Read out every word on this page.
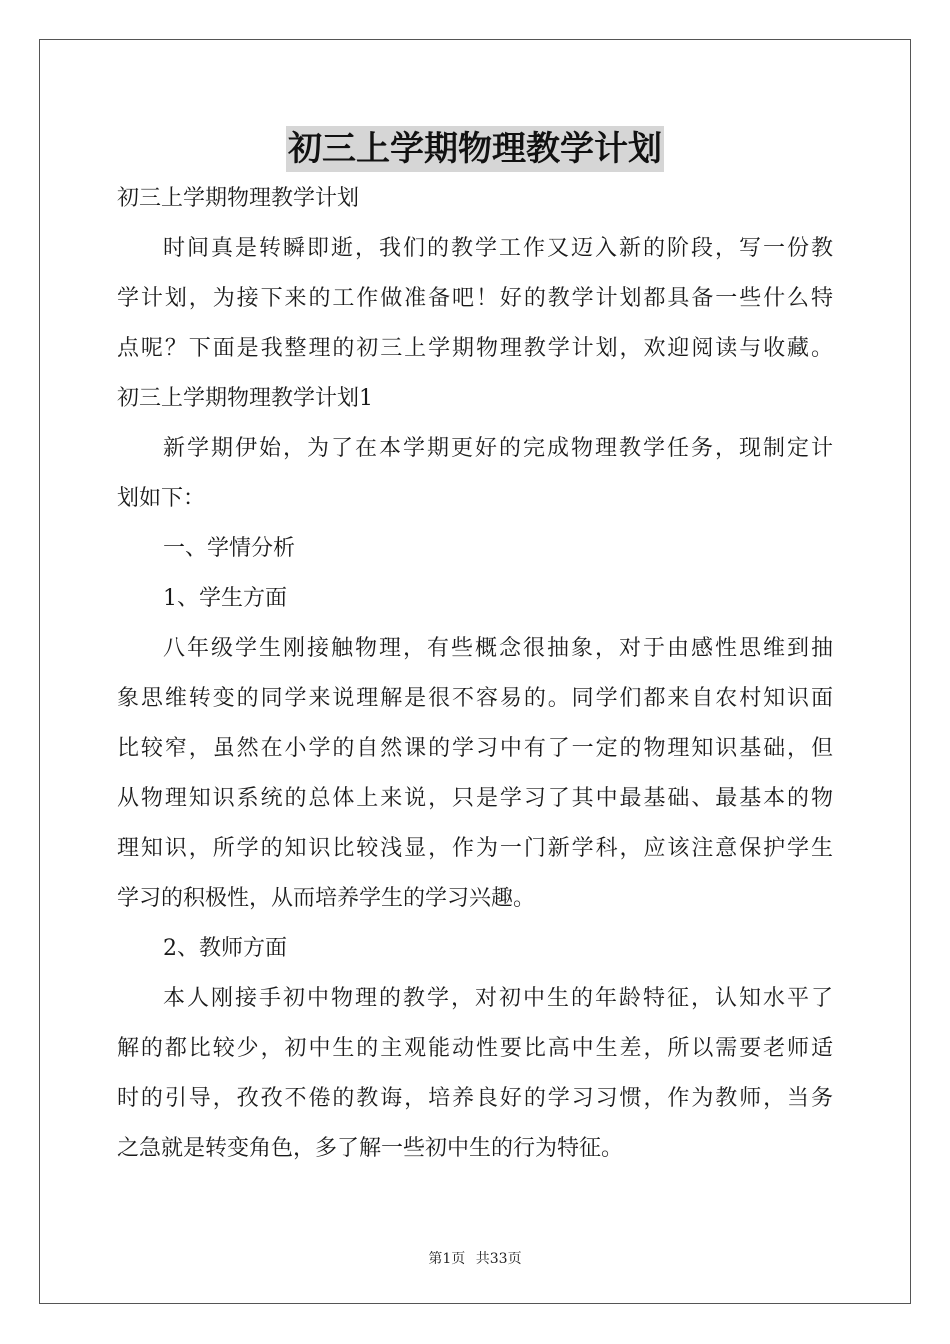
初三上学期物理教学计划
初三上学期物理教学计划
时间真是转瞬即逝，我们的教学工作又迈入新的阶段，写一份教
学计划，为接下来的工作做准备吧！好的教学计划都具备一些什么特
点呢？下面是我整理的初三上学期物理教学计划，欢迎阅读与收藏。
初三上学期物理教学计划1
新学期伊始，为了在本学期更好的完成物理教学任务，现制定计
划如下：
一、学情分析
1、学生方面
八年级学生刚接触物理，有些概念很抽象，对于由感性思维到抽
象思维转变的同学来说理解是很不容易的。同学们都来自农村知识面
比较窄，虽然在小学的自然课的学习中有了一定的物理知识基础，但
从物理知识系统的总体上来说，只是学习了其中最基础、最基本的物
理知识，所学的知识比较浅显，作为一门新学科，应该注意保护学生
学习的积极性，从而培养学生的学习兴趣。
2、教师方面
本人刚接手初中物理的教学，对初中生的年龄特征，认知水平了
解的都比较少，初中生的主观能动性要比高中生差，所以需要老师适
时的引导，孜孜不倦的教诲，培养良好的学习习惯，作为教师，当务
之急就是转变角色，多了解一些初中生的行为特征。
第1页 共33页
